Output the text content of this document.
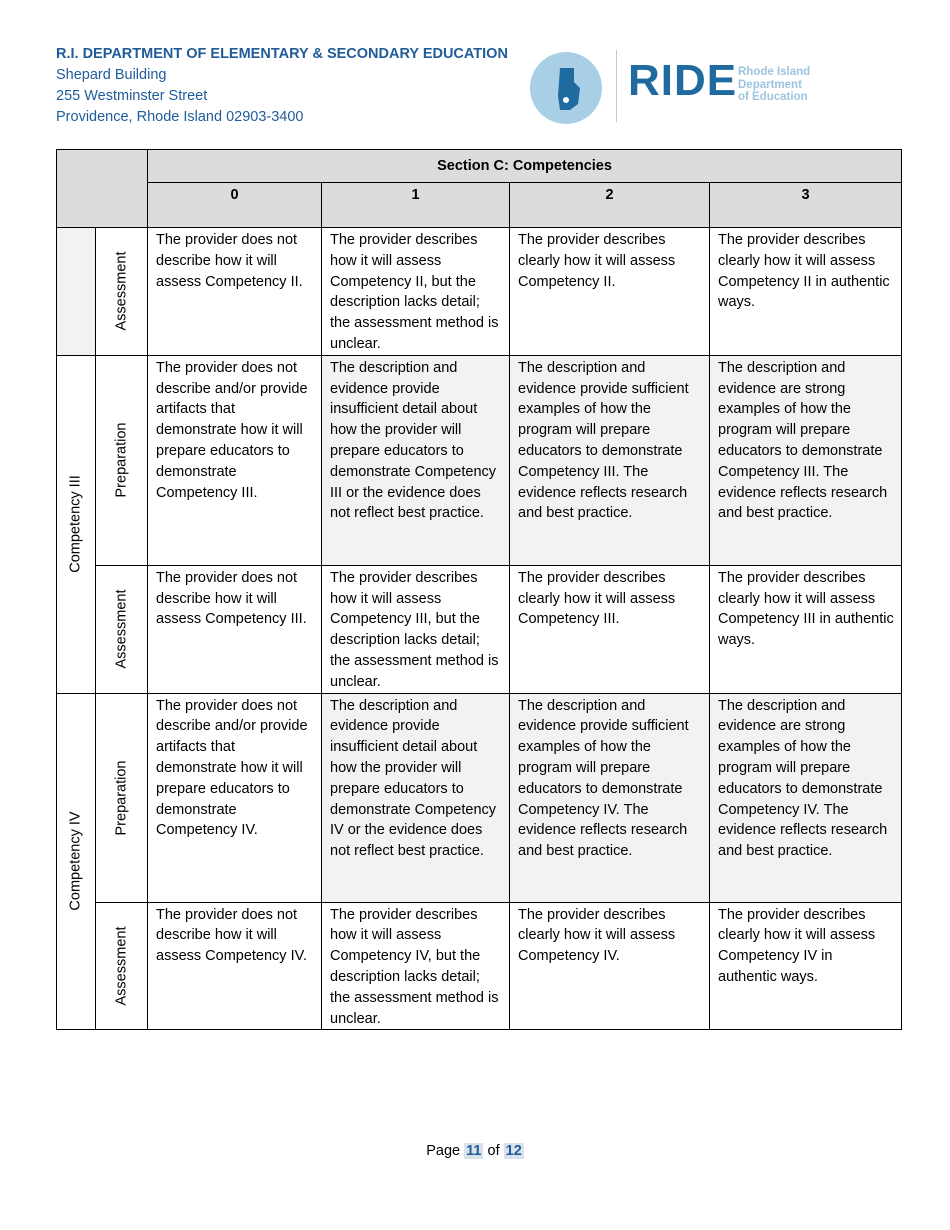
R.I. DEPARTMENT OF ELEMENTARY & SECONDARY EDUCATION
Shepard Building
255 Westminster Street
Providence, Rhode Island 02903-3400
RIDE Rhode Island
Department
of Education
		Section C: Competencies			
		0	1	2	3

	Assessment	The provider does not describe how it will assess Competency II.	The provider describes how it will assess Competency II, but the description lacks detail; the assessment method is unclear.	The provider describes clearly how it will assess Competency II.	The provider describes clearly how it will assess Competency II in authentic ways.

Competency III	Preparation	The provider does not describe and/or provide artifacts that demonstrate how it will prepare educators to demonstrate Competency III.	The description and evidence provide insufficient detail about how the provider will prepare educators to demonstrate Competency III or the evidence does not reflect best practice.	The description and evidence provide sufficient examples of how the program will prepare educators to demonstrate Competency III. The evidence reflects research and best practice.	The description and evidence are strong examples of how the program will prepare educators to demonstrate Competency III. The evidence reflects research and best practice.

	Assessment	The provider does not describe how it will assess Competency III.	The provider describes how it will assess Competency III, but the description lacks detail; the assessment method is unclear.	The provider describes clearly how it will assess Competency III.	The provider describes clearly how it will assess Competency III in authentic ways.

Competency IV	Preparation	The provider does not describe and/or provide artifacts that demonstrate how it will prepare educators to demonstrate Competency IV.	The description and evidence provide insufficient detail about how the provider will prepare educators to demonstrate Competency IV or the evidence does not reflect best practice.	The description and evidence provide sufficient examples of how the program will prepare educators to demonstrate Competency IV. The evidence reflects research and best practice.	The description and evidence are strong examples of how the program will prepare educators to demonstrate Competency IV. The evidence reflects research and best practice.

	Assessment	The provider does not describe how it will assess Competency IV.	The provider describes how it will assess Competency IV, but the description lacks detail; the assessment method is unclear.	The provider describes clearly how it will assess Competency IV.	The provider describes clearly how it will assess Competency IV in authentic ways.
Page 11 of 12
